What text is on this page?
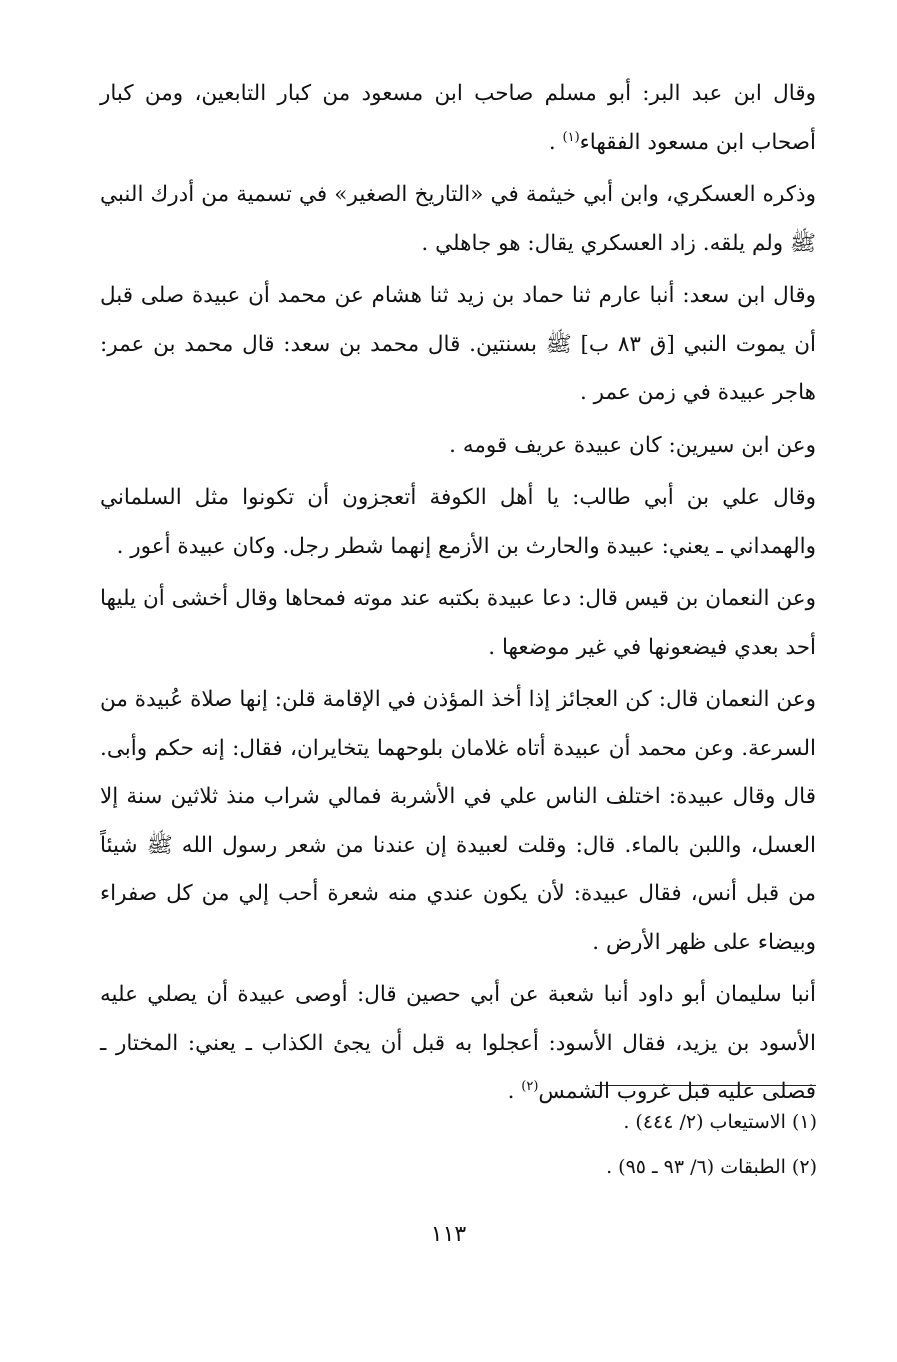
وقال ابن عبد البر: أبو مسلم صاحب ابن مسعود من كبار التابعين، ومن كبار أصحاب ابن مسعود الفقهاء$^{(١)}$ .

وذكره العسكري، وابن أبي خيثمة في «التاريخ الصغير» في تسمية من أدرك النبي ﷺ ولم يلقه. زاد العسكري يقال: هو جاهلي .

وقال ابن سعد: أنبا عارم ثنا حماد بن زيد ثنا هشام عن محمد أن عبيدة صلى قبل أن يموت النبي [ق ٨٣ ب] ﷺ بسنتين. قال محمد بن سعد: قال محمد بن عمر: هاجر عبيدة في زمن عمر .

وعن ابن سيرين: كان عبيدة عريف قومه .

وقال علي بن أبي طالب: يا أهل الكوفة أتعجزون أن تكونوا مثل السلماني والهمداني ـ يعني: عبيدة والحارث بن الأزمع إنهما شطر رجل. وكان عبيدة أعور .

وعن النعمان بن قيس قال: دعا عبيدة بكتبه عند موته فمحاها وقال أخشى أن يليها أحد بعدي فيضعونها في غير موضعها .

وعن النعمان قال: كن العجائز إذا أخذ المؤذن في الإقامة قلن: إنها صلاة عُبيدة من السرعة. وعن محمد أن عبيدة أتاه غلامان بلوحهما يتخايران، فقال: إنه حكم وأبى. قال وقال عبيدة: اختلف الناس علي في الأشربة فمالي شراب منذ ثلاثين سنة إلا العسل، واللبن بالماء. قال: وقلت لعبيدة إن عندنا من شعر رسول الله ﷺ شيئاً من قبل أنس، فقال عبيدة: لأن يكون عندي منه شعرة أحب إلي من كل صفراء وبيضاء على ظهر الأرض .

أنبا سليمان أبو داود أنبا شعبة عن أبي حصين قال: أوصى عبيدة أن يصلي عليه الأسود بن يزيد، فقال الأسود: أعجلوا به قبل أن يجئ الكذاب ـ يعني: المختار ـ فصلى عليه قبل غروب الشمس$^{(٢)}$ .

(١) الاستيعاب (٢/ ٤٤٤) .

(٢) الطبقات (٦/ ٩٣ ـ ٩٥) .

١١٣
